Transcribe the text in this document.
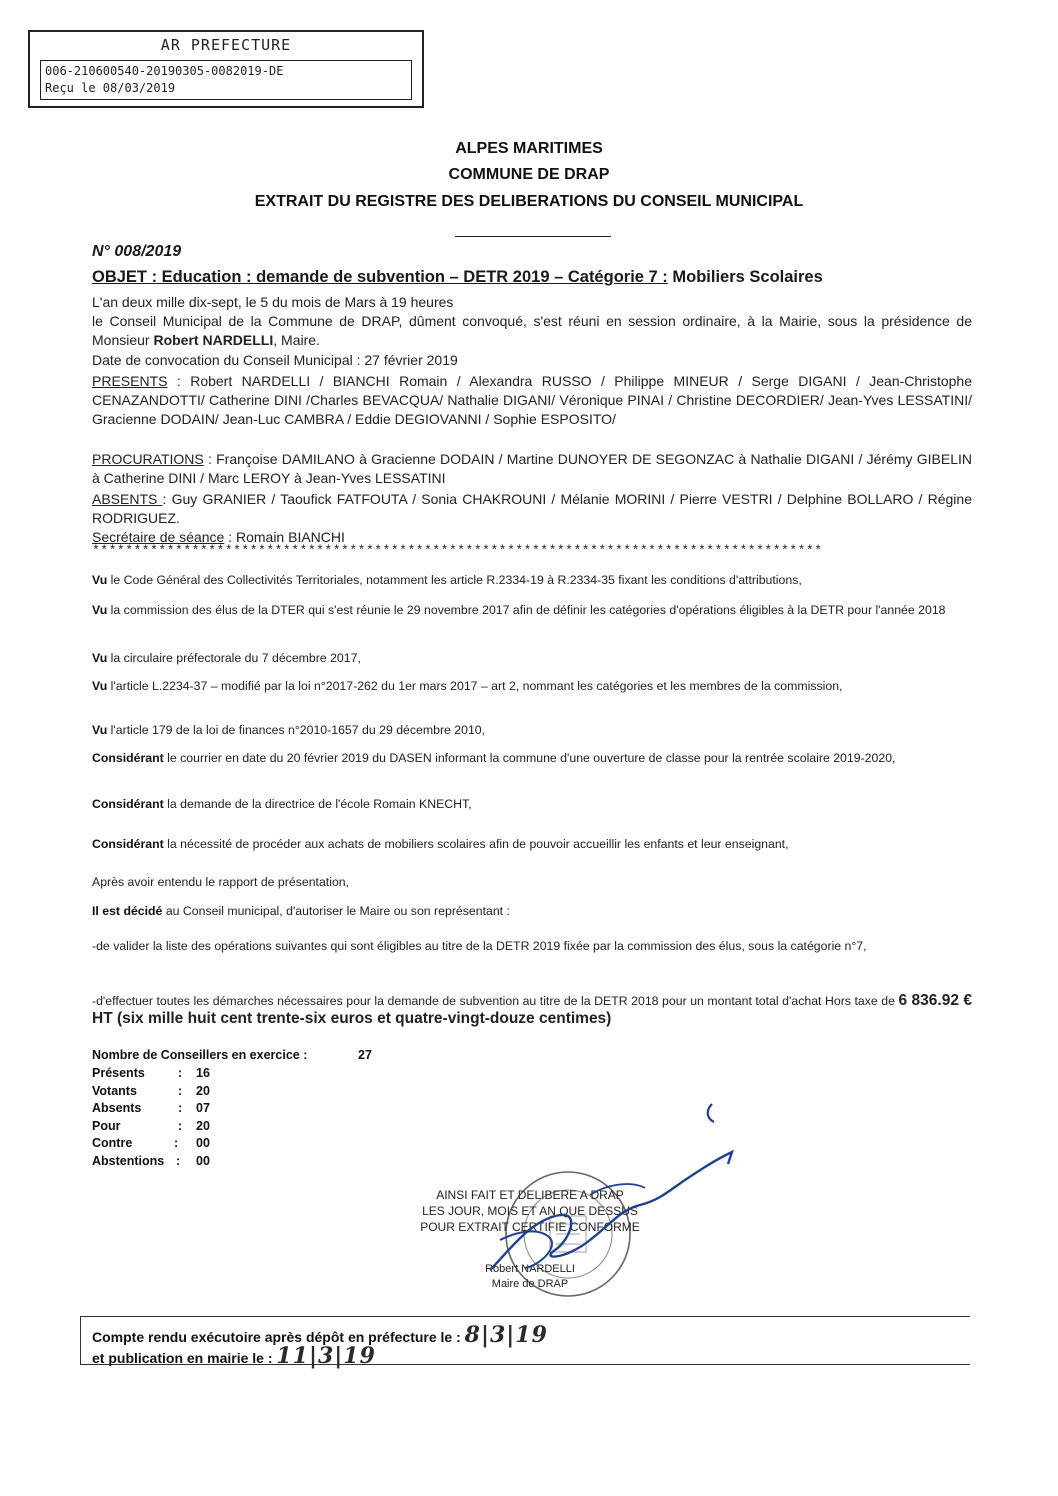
AR PREFECTURE
006-210600540-20190305-0082019-DE
Reçu le 08/03/2019
ALPES MARITIMES
COMMUNE DE DRAP
EXTRAIT DU REGISTRE DES DELIBERATIONS DU CONSEIL MUNICIPAL
N° 008/2019
OBJET : Education : demande de subvention – DETR 2019 – Catégorie 7 : Mobiliers Scolaires
L'an deux mille dix-sept, le 5 du mois de Mars à 19 heures
le Conseil Municipal de la Commune de DRAP, dûment convoqué, s'est réuni en session ordinaire, à la Mairie, sous la présidence de Monsieur Robert NARDELLI, Maire.
Date de convocation du Conseil Municipal : 27 février 2019
PRESENTS : Robert NARDELLI / BIANCHI Romain / Alexandra RUSSO / Philippe MINEUR / Serge DIGANI / Jean-Christophe CENAZANDOTTI/ Catherine DINI /Charles BEVACQUA/ Nathalie DIGANI/ Véronique PINAI / Christine DECORDIER/ Jean-Yves LESSATINI/ Gracienne DODAIN/ Jean-Luc CAMBRA / Eddie DEGIOVANNI / Sophie ESPOSITO/
PROCURATIONS : Françoise DAMILANO à Gracienne DODAIN / Martine DUNOYER DE SEGONZAC à Nathalie DIGANI / Jérémy GIBELIN à Catherine DINI / Marc LEROY à Jean-Yves LESSATINI
ABSENTS : Guy GRANIER / Taoufick FATFOUTA / Sonia CHAKROUNI / Mélanie MORINI / Pierre VESTRI / Delphine BOLLARO / Régine RODRIGUEZ.
Secrétaire de séance : Romain BIANCHI
****************************************************************************************
Vu le Code Général des Collectivités Territoriales, notamment les article R.2334-19 à R.2334-35 fixant les conditions d'attributions,
Vu la commission des élus de la DTER qui s'est réunie le 29 novembre 2017 afin de définir les catégories d'opérations éligibles à la DETR pour l'année 2018
Vu la circulaire préfectorale du 7 décembre 2017,
Vu l'article L.2234-37 – modifié par la loi n°2017-262 du 1er mars 2017 – art 2, nommant les catégories et les membres de la commission,
Vu l'article 179 de la loi de finances n°2010-1657 du 29 décembre 2010,
Considérant le courrier en date du 20 février 2019 du DASEN informant la commune d'une ouverture de classe pour la rentrée scolaire 2019-2020,
Considérant la demande de la directrice de l'école Romain KNECHT,
Considérant la nécessité de procéder aux achats de mobiliers scolaires afin de pouvoir accueillir les enfants et leur enseignant,
Après avoir entendu le rapport de présentation,
Il est décidé au Conseil municipal, d'autoriser le Maire ou son représentant :
-de valider la liste des opérations suivantes qui sont éligibles au titre de la DETR 2019 fixée par la commission des élus, sous la catégorie n°7,
-d'effectuer toutes les démarches nécessaires pour la demande de subvention au titre de la DETR 2018 pour un montant total d'achat Hors taxe de 6 836.92 € HT (six mille huit cent trente-six euros et quatre-vingt-douze centimes)
Nombre de Conseillers en exercice :	27
Présents	: 16
Votants	: 20
Absents	: 07
Pour	: 20
Contre	: 00
Abstentions : 00
AINSI FAIT ET DELIBERE A DRAP
LES JOUR, MOIS ET AN QUE DESSUS
POUR EXTRAIT CERTIFIE CONFORME
Robert NARDELLI
Maire de DRAP
Compte rendu exécutoire après dépôt en préfecture le : 8|3|19
et publication en mairie le : 11|3|19
